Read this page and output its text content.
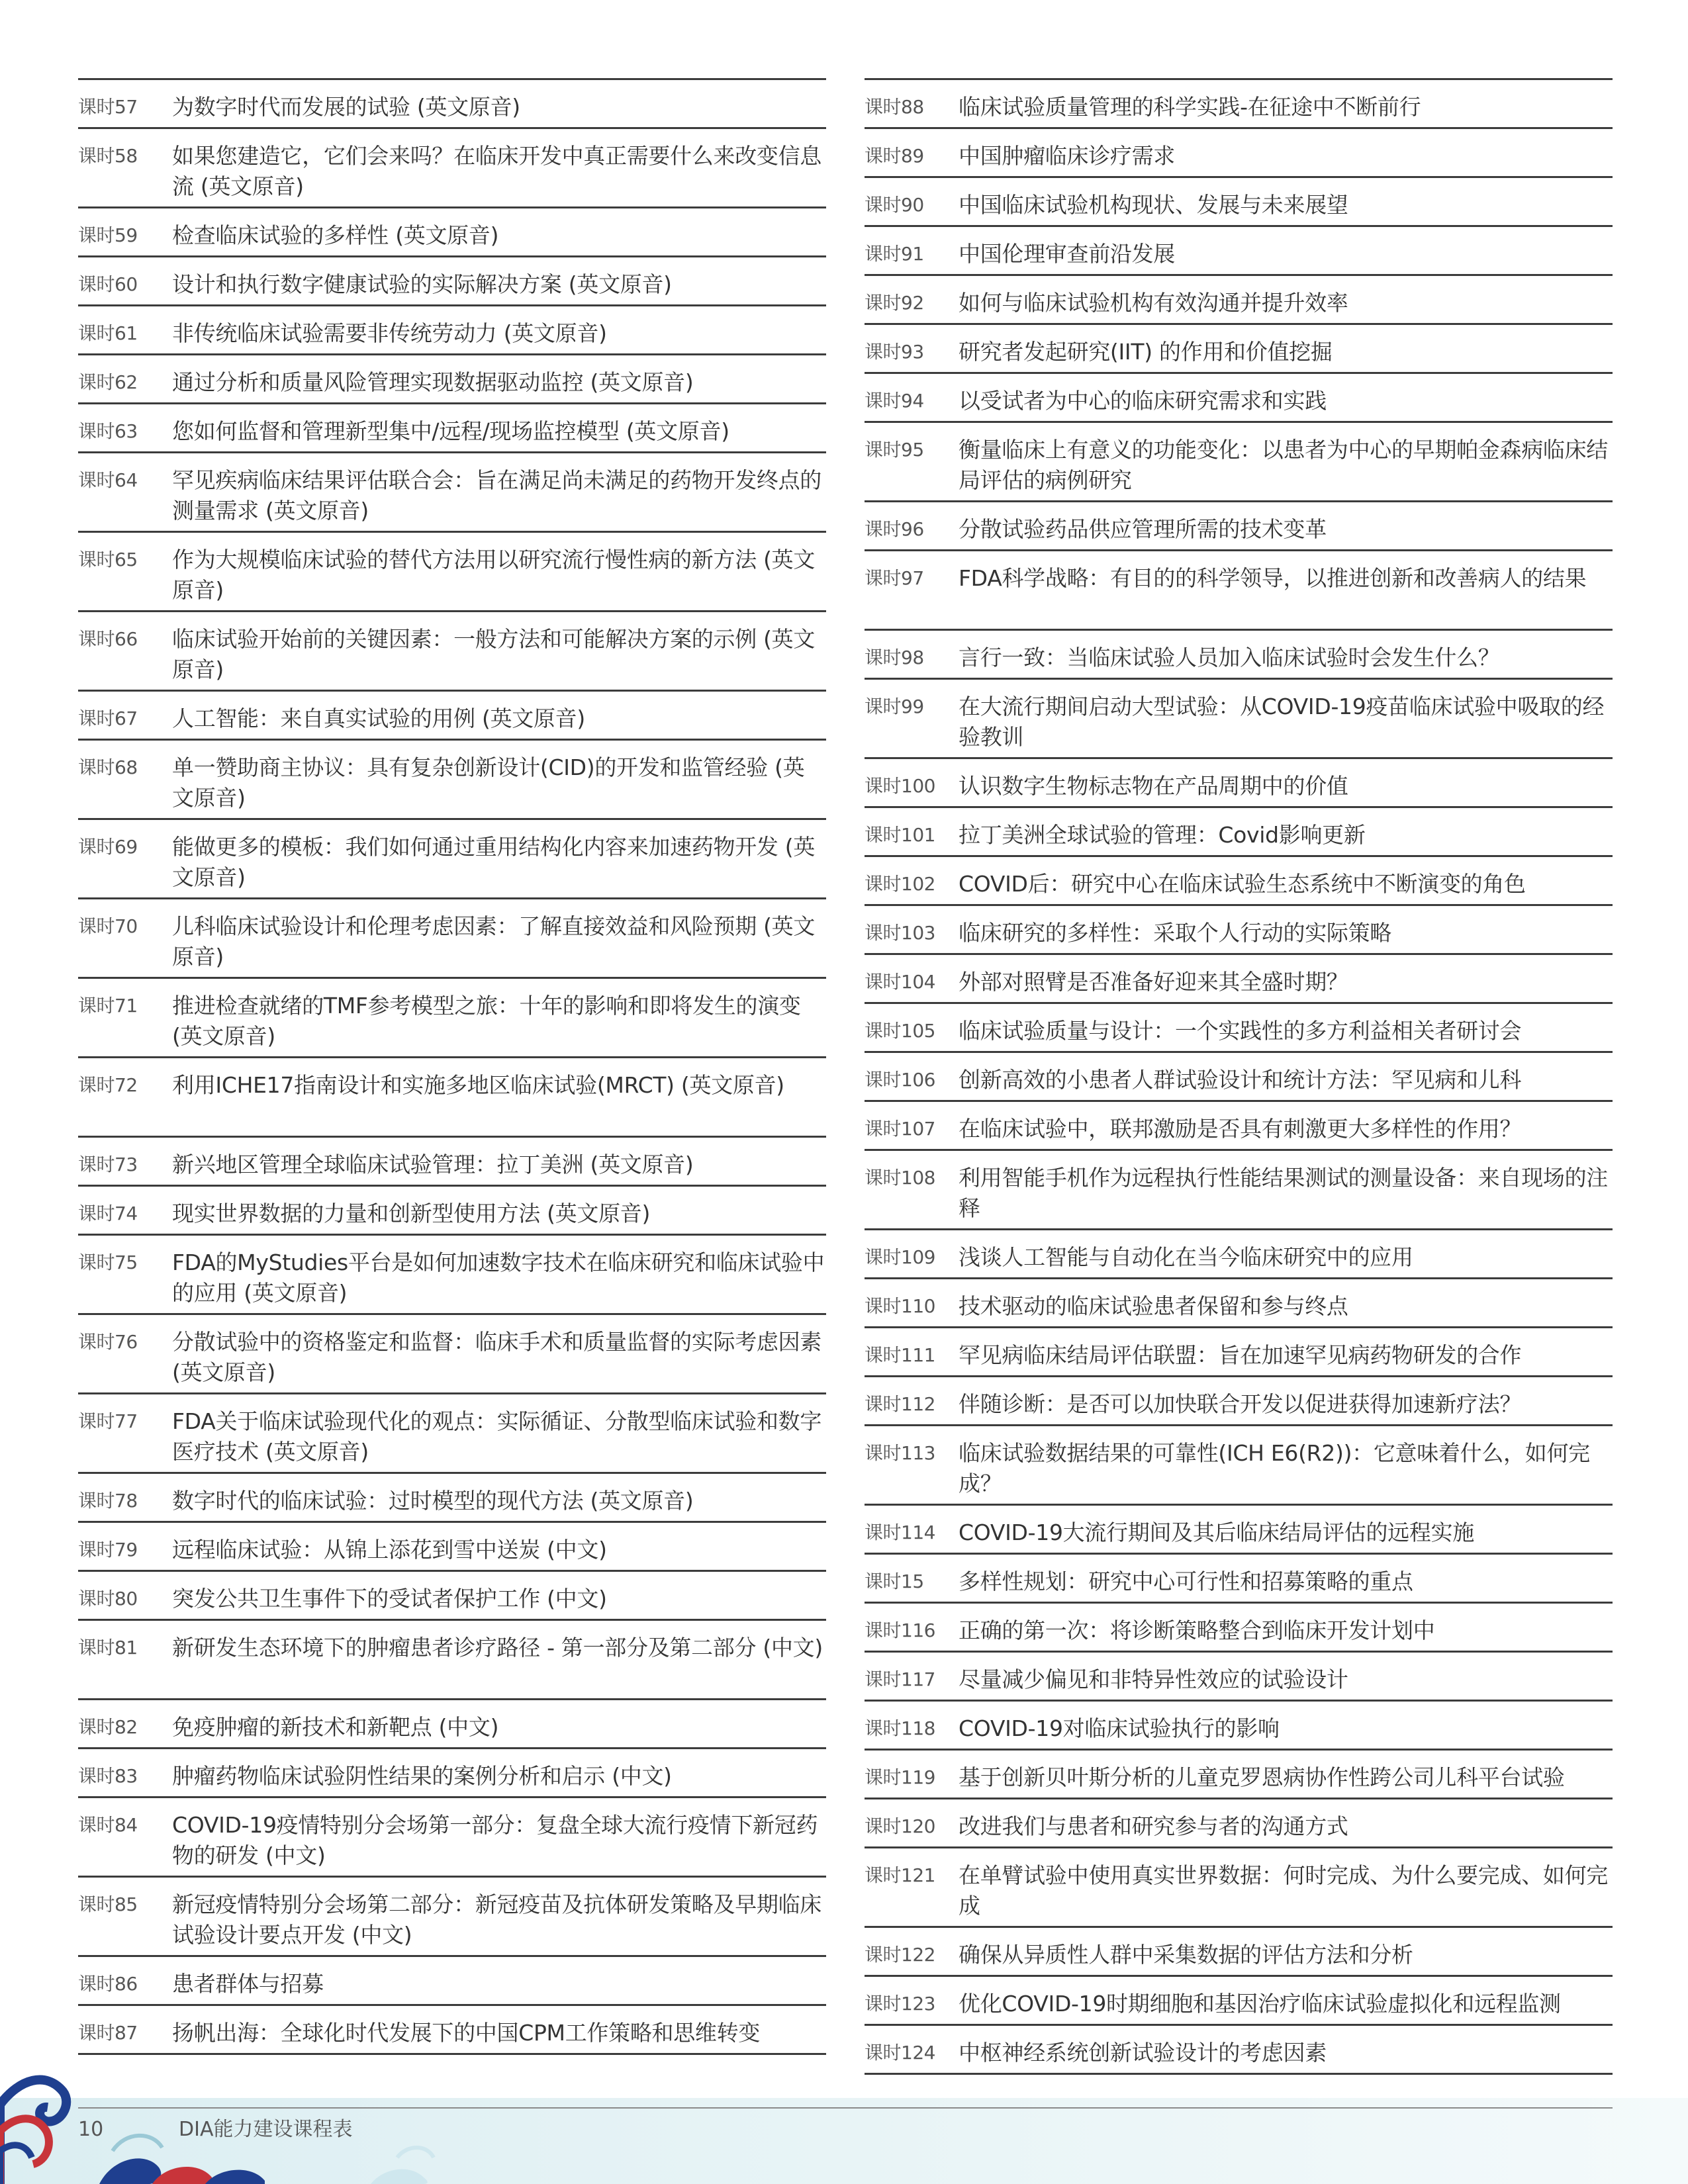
课时57	为数字时代而发展的试验 (英文原音)
课时58	如果您建造它，它们会来吗？在临床开发中真正需要什么来改变信息流 (英文原音)
课时59	检查临床试验的多样性 (英文原音)
课时60	设计和执行数字健康试验的实际解决方案 (英文原音)
课时61	非传统临床试验需要非传统劳动力 (英文原音)
课时62	通过分析和质量风险管理实现数据驱动监控 (英文原音)
课时63	您如何监督和管理新型集中/远程/现场监控模型 (英文原音)
课时64	罕见疾病临床结果评估联合会：旨在满足尚未满足的药物开发终点的测量需求 (英文原音)
课时65	作为大规模临床试验的替代方法用以研究流行慢性病的新方法 (英文原音)
课时66	临床试验开始前的关键因素：一般方法和可能解决方案的示例 (英文原音)
课时67	人工智能：来自真实试验的用例 (英文原音)
课时68	单一赞助商主协议：具有复杂创新设计(CID)的开发和监管经验 (英文原音)
课时69	能做更多的模板：我们如何通过重用结构化内容来加速药物开发 (英文原音)
课时70	儿科临床试验设计和伦理考虑因素：了解直接效益和风险预期 (英文原音)
课时71	推进检查就绪的TMF参考模型之旅：十年的影响和即将发生的演变 (英文原音)
课时72	利用ICHE17指南设计和实施多地区临床试验(MRCT) (英文原音)
课时73	新兴地区管理全球临床试验管理：拉丁美洲 (英文原音)
课时74	现实世界数据的力量和创新型使用方法 (英文原音)
课时75	FDA的MyStudies平台是如何加速数字技术在临床研究和临床试验中的应用 (英文原音)
课时76	分散试验中的资格鉴定和监督：临床手术和质量监督的实际考虑因素 (英文原音)
课时77	FDA关于临床试验现代化的观点：实际循证、分散型临床试验和数字医疗技术 (英文原音)
课时78	数字时代的临床试验：过时模型的现代方法 (英文原音)
课时79	远程临床试验：从锦上添花到雪中送炭 (中文)
课时80	突发公共卫生事件下的受试者保护工作 (中文)
课时81	新研发生态环境下的肿瘤患者诊疗路径 - 第一部分及第二部分 (中文)
课时82	免疫肿瘤的新技术和新靶点 (中文)
课时83	肿瘤药物临床试验阴性结果的案例分析和启示 (中文)
课时84	COVID-19疫情特别分会场第一部分：复盘全球大流行疫情下新冠药物的研发 (中文)
课时85	新冠疫情特别分会场第二部分：新冠疫苗及抗体研发策略及早期临床试验设计要点开发 (中文)
课时86	患者群体与招募
课时87	扬帆出海：全球化时代发展下的中国CPM工作策略和思维转变
课时88	临床试验质量管理的科学实践-在征途中不断前行
课时89	中国肿瘤临床诊疗需求
课时90	中国临床试验机构现状、发展与未来展望
课时91	中国伦理审查前沿发展
课时92	如何与临床试验机构有效沟通并提升效率
课时93	研究者发起研究(IIT) 的作用和价值挖掘
课时94	以受试者为中心的临床研究需求和实践
课时95	衡量临床上有意义的功能变化：以患者为中心的早期帕金森病临床结局评估的病例研究
课时96	分散试验药品供应管理所需的技术变革
课时97	FDA科学战略：有目的的科学领导，以推进创新和改善病人的结果
课时98	言行一致：当临床试验人员加入临床试验时会发生什么？
课时99	在大流行期间启动大型试验：从COVID-19疫苗临床试验中吸取的经验教训
课时100	认识数字生物标志物在产品周期中的价值
课时101	拉丁美洲全球试验的管理：Covid影响更新
课时102	COVID后：研究中心在临床试验生态系统中不断演变的角色
课时103	临床研究的多样性：采取个人行动的实际策略
课时104	外部对照臂是否准备好迎来其全盛时期？
课时105	临床试验质量与设计：一个实践性的多方利益相关者研讨会
课时106	创新高效的小患者人群试验设计和统计方法：罕见病和儿科
课时107	在临床试验中，联邦激励是否具有刺激更大多样性的作用？
课时108	利用智能手机作为远程执行性能结果测试的测量设备：来自现场的注释
课时109	浅谈人工智能与自动化在当今临床研究中的应用
课时110	技术驱动的临床试验患者保留和参与终点
课时111	罕见病临床结局评估联盟：旨在加速罕见病药物研发的合作
课时112	伴随诊断：是否可以加快联合开发以促进获得加速新疗法？
课时113	临床试验数据结果的可靠性(ICH E6(R2))：它意味着什么，如何完成？
课时114	COVID-19大流行期间及其后临床结局评估的远程实施
课时15	多样性规划：研究中心可行性和招募策略的重点
课时116	正确的第一次：将诊断策略整合到临床开发计划中
课时117	尽量减少偏见和非特异性效应的试验设计
课时118	COVID-19对临床试验执行的影响
课时119	基于创新贝叶斯分析的儿童克罗恩病协作性跨公司儿科平台试验
课时120	改进我们与患者和研究参与者的沟通方式
课时121	在单臂试验中使用真实世界数据：何时完成、为什么要完成、如何完成
课时122	确保从异质性人群中采集数据的评估方法和分析
课时123	优化COVID-19时期细胞和基因治疗临床试验虚拟化和远程监测
课时124	中枢神经系统创新试验设计的考虑因素
10	DIA能力建设课程表
